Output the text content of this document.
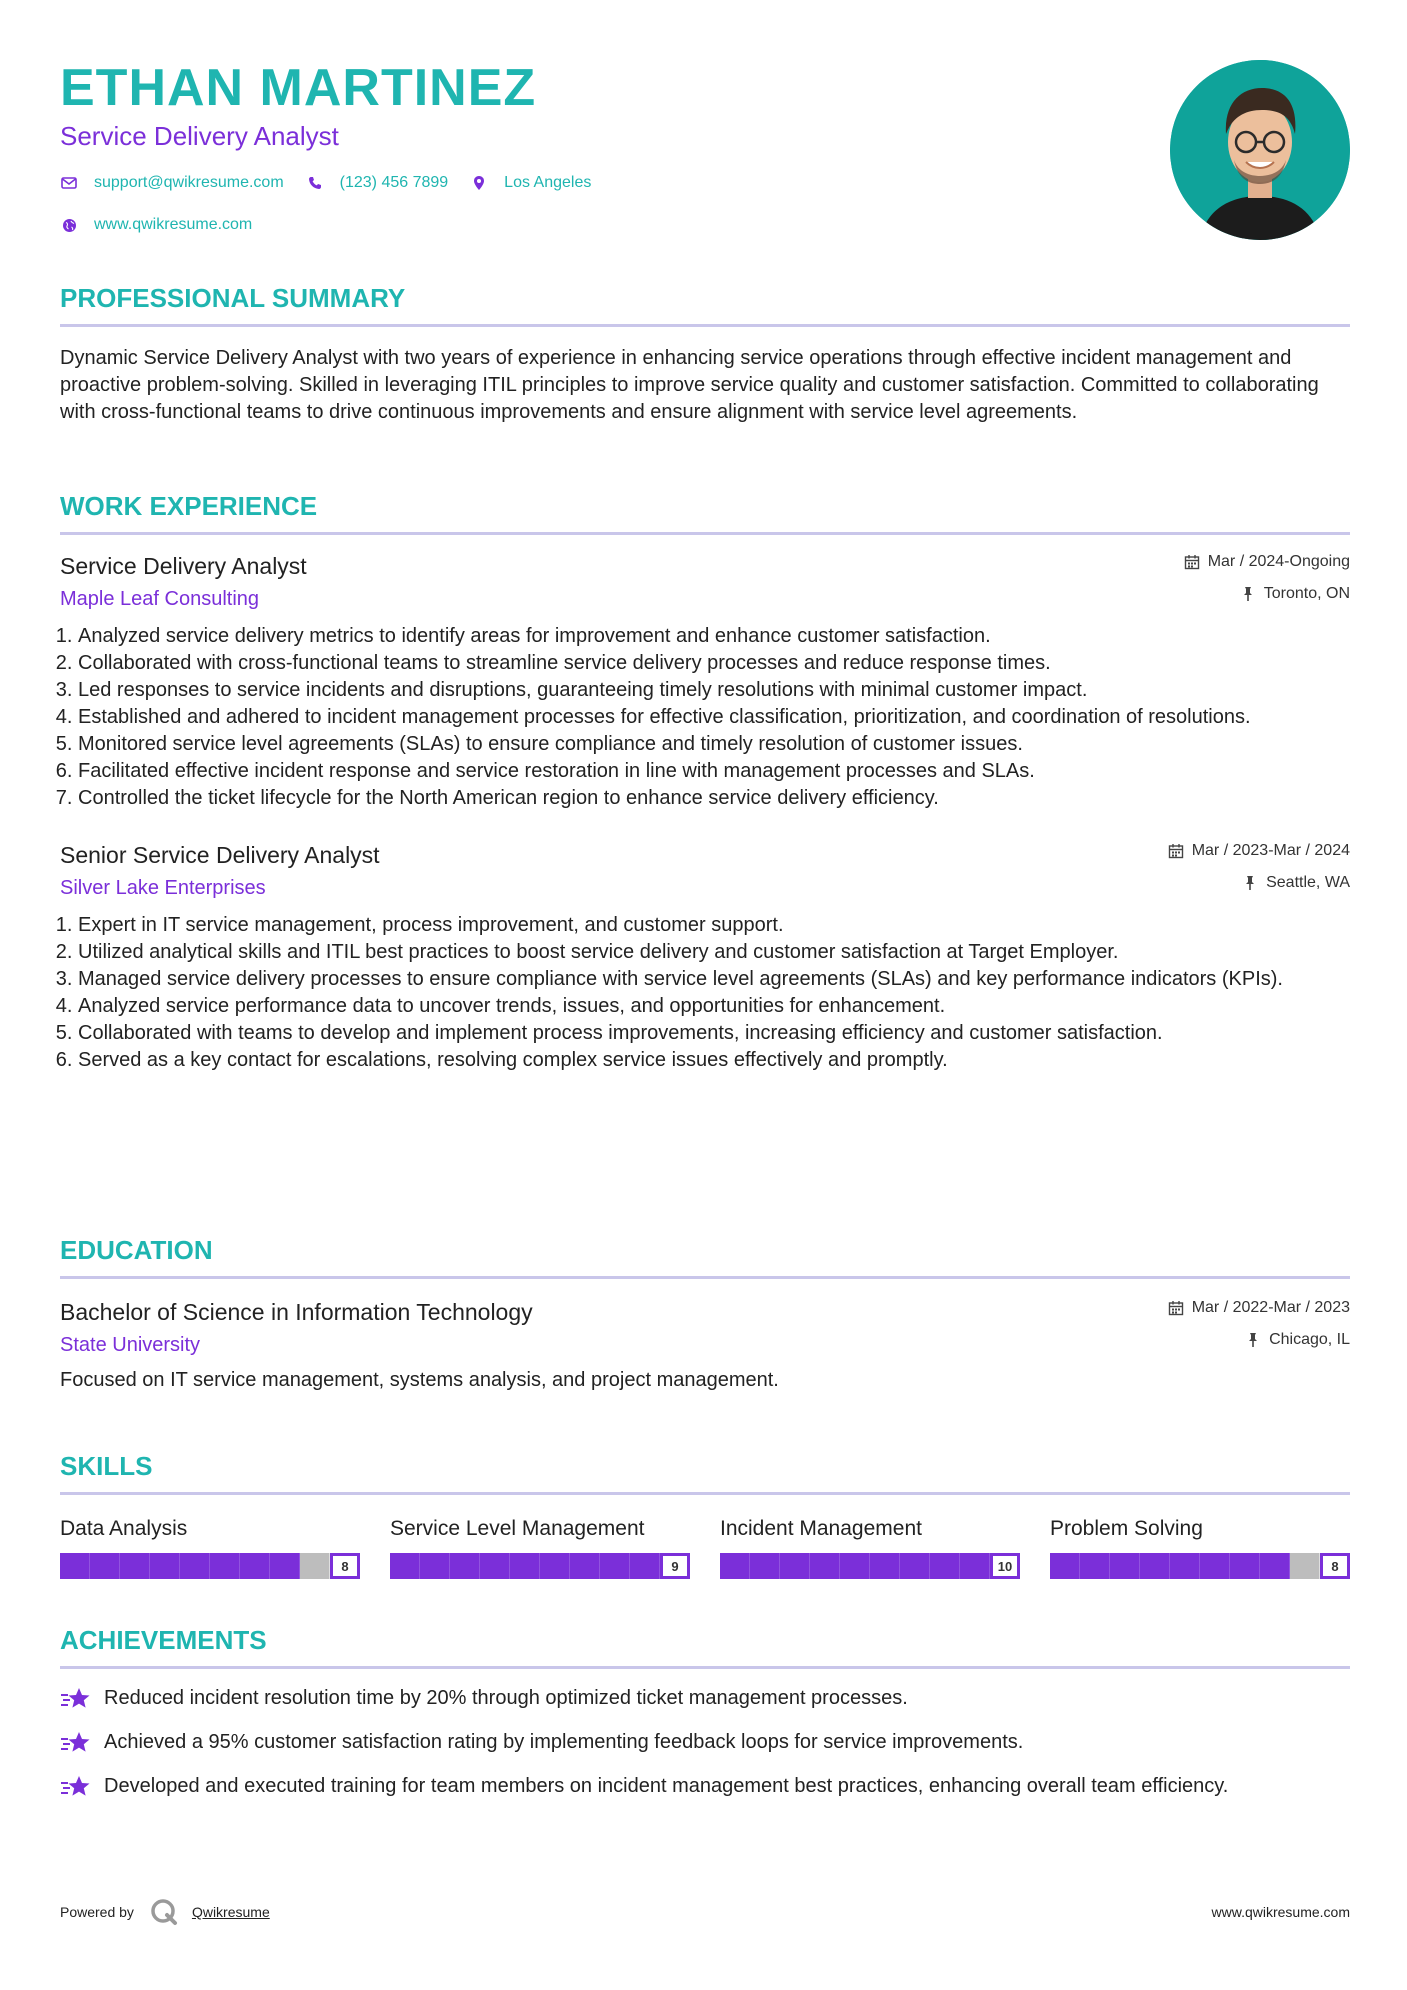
ETHAN MARTINEZ
Service Delivery Analyst
support@qwikresume.com	(123) 456 7899	Los Angeles
www.qwikresume.com
PROFESSIONAL SUMMARY
Dynamic Service Delivery Analyst with two years of experience in enhancing service operations through effective incident management and proactive problem-solving. Skilled in leveraging ITIL principles to improve service quality and customer satisfaction. Committed to collaborating with cross-functional teams to drive continuous improvements and ensure alignment with service level agreements.
WORK EXPERIENCE
Service Delivery Analyst
Maple Leaf Consulting
Mar / 2024-Ongoing
Toronto, ON
1. Analyzed service delivery metrics to identify areas for improvement and enhance customer satisfaction.
2. Collaborated with cross-functional teams to streamline service delivery processes and reduce response times.
3. Led responses to service incidents and disruptions, guaranteeing timely resolutions with minimal customer impact.
4. Established and adhered to incident management processes for effective classification, prioritization, and coordination of resolutions.
5. Monitored service level agreements (SLAs) to ensure compliance and timely resolution of customer issues.
6. Facilitated effective incident response and service restoration in line with management processes and SLAs.
7. Controlled the ticket lifecycle for the North American region to enhance service delivery efficiency.
Senior Service Delivery Analyst
Silver Lake Enterprises
Mar / 2023-Mar / 2024
Seattle, WA
1. Expert in IT service management, process improvement, and customer support.
2. Utilized analytical skills and ITIL best practices to boost service delivery and customer satisfaction at Target Employer.
3. Managed service delivery processes to ensure compliance with service level agreements (SLAs) and key performance indicators (KPIs).
4. Analyzed service performance data to uncover trends, issues, and opportunities for enhancement.
5. Collaborated with teams to develop and implement process improvements, increasing efficiency and customer satisfaction.
6. Served as a key contact for escalations, resolving complex service issues effectively and promptly.
EDUCATION
Bachelor of Science in Information Technology
State University
Mar / 2022-Mar / 2023
Chicago, IL
Focused on IT service management, systems analysis, and project management.
SKILLS
Data Analysis
8
Service Level Management
9
Incident Management
10
Problem Solving
8
ACHIEVEMENTS
Reduced incident resolution time by 20% through optimized ticket management processes.
Achieved a 95% customer satisfaction rating by implementing feedback loops for service improvements.
Developed and executed training for team members on incident management best practices, enhancing overall team efficiency.
Powered by	Qwikresume	www.qwikresume.com
